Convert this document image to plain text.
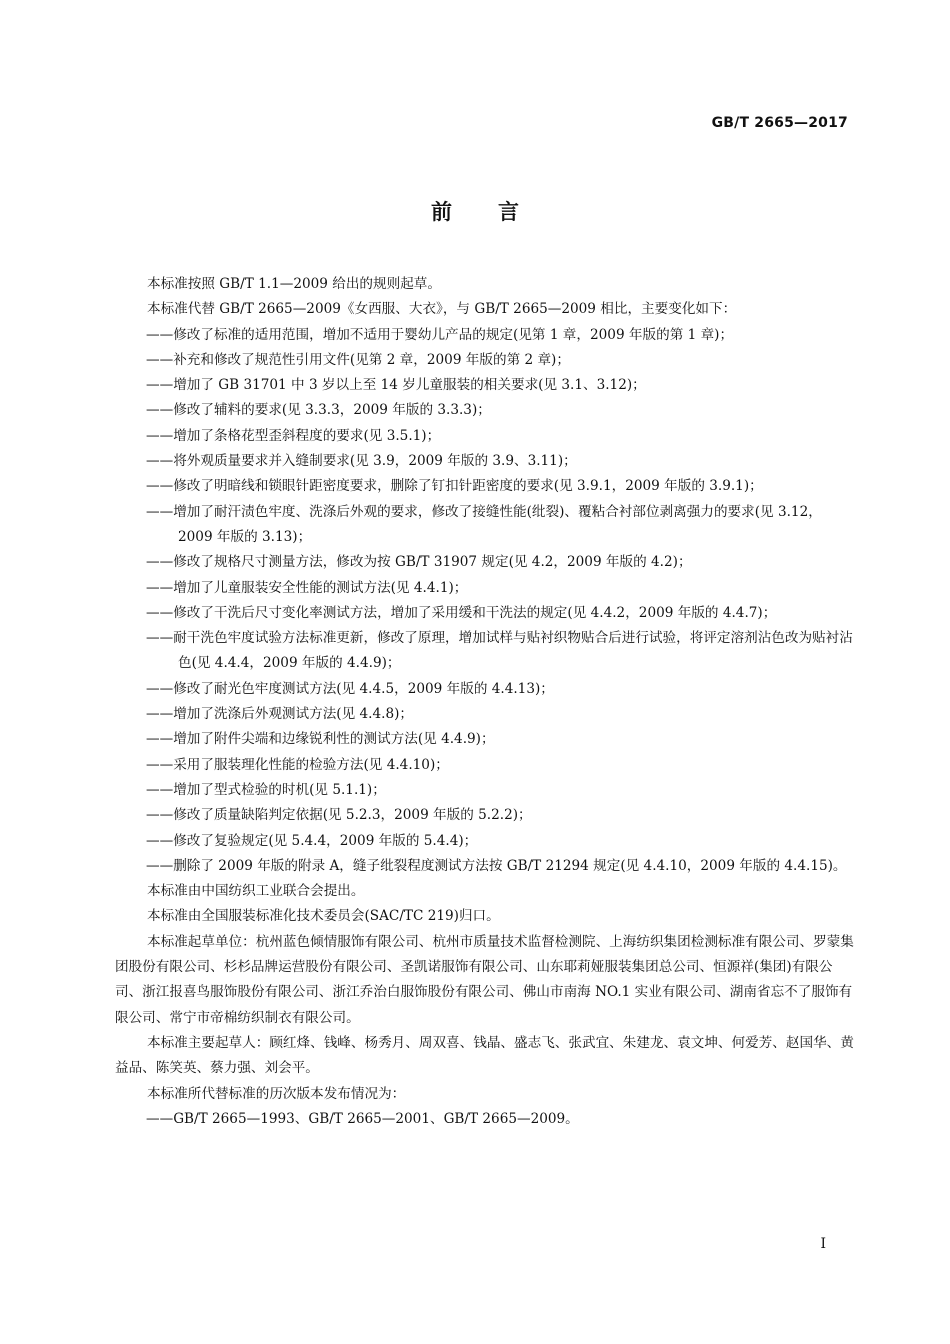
GB/T 2665—2017
前言

本标准按照 GB/T 1.1—2009 给出的规则起草。

本标准代替 GB/T 2665—2009《女西服、大衣》，与 GB/T 2665—2009 相比，主要变化如下：

——修改了标准的适用范围，增加不适用于婴幼儿产品的规定(见第 1 章，2009 年版的第 1 章)；

——补充和修改了规范性引用文件(见第 2 章，2009 年版的第 2 章)；

——增加了 GB 31701 中 3 岁以上至 14 岁儿童服装的相关要求(见 3.1、3.12)；

——修改了辅料的要求(见 3.3.3，2009 年版的 3.3.3)；

——增加了条格花型歪斜程度的要求(见 3.5.1)；

——将外观质量要求并入缝制要求(见 3.9，2009 年版的 3.9、3.11)；

——修改了明暗线和锁眼针距密度要求，删除了钉扣针距密度的要求(见 3.9.1，2009 年版的 3.9.1)；

——增加了耐汗渍色牢度、洗涤后外观的要求，修改了接缝性能(纰裂)、覆粘合衬部位剥离强力的要求(见 3.12，2009 年版的 3.13)；

——修改了规格尺寸测量方法，修改为按 GB/T 31907 规定(见 4.2，2009 年版的 4.2)；

——增加了儿童服装安全性能的测试方法(见 4.4.1)；

——修改了干洗后尺寸变化率测试方法，增加了采用缓和干洗法的规定(见 4.4.2，2009 年版的 4.4.7)；

——耐干洗色牢度试验方法标准更新，修改了原理，增加试样与贴衬织物贴合后进行试验，将评定溶剂沾色改为贴衬沾色(见 4.4.4，2009 年版的 4.4.9)；

——修改了耐光色牢度测试方法(见 4.4.5，2009 年版的 4.4.13)；

——增加了洗涤后外观测试方法(见 4.4.8)；

——增加了附件尖端和边缘锐利性的测试方法(见 4.4.9)；

——采用了服装理化性能的检验方法(见 4.4.10)；

——增加了型式检验的时机(见 5.1.1)；

——修改了质量缺陷判定依据(见 5.2.3，2009 年版的 5.2.2)；

——修改了复验规定(见 5.4.4，2009 年版的 5.4.4)；

——删除了 2009 年版的附录 A，缝子纰裂程度测试方法按 GB/T 21294 规定(见 4.4.10，2009 年版的 4.4.15)。

本标准由中国纺织工业联合会提出。

本标准由全国服装标准化技术委员会(SAC/TC 219)归口。

本标准起草单位：杭州蓝色倾情服饰有限公司、杭州市质量技术监督检测院、上海纺织集团检测标准有限公司、罗蒙集团股份有限公司、杉杉品牌运营股份有限公司、圣凯诺服饰有限公司、山东耶莉娅服装集团总公司、恒源祥(集团)有限公司、浙江报喜鸟服饰股份有限公司、浙江乔治白服饰股份有限公司、佛山市南海 NO.1 实业有限公司、湖南省忘不了服饰有限公司、常宁市帝棉纺织制衣有限公司。

本标准主要起草人：顾红烽、钱峰、杨秀月、周双喜、钱晶、盛志飞、张武宜、朱建龙、袁文坤、何爱芳、赵国华、黄益品、陈笑英、蔡力强、刘会平。

本标准所代替标准的历次版本发布情况为：

——GB/T 2665—1993、GB/T 2665—2001、GB/T 2665—2009。

I
